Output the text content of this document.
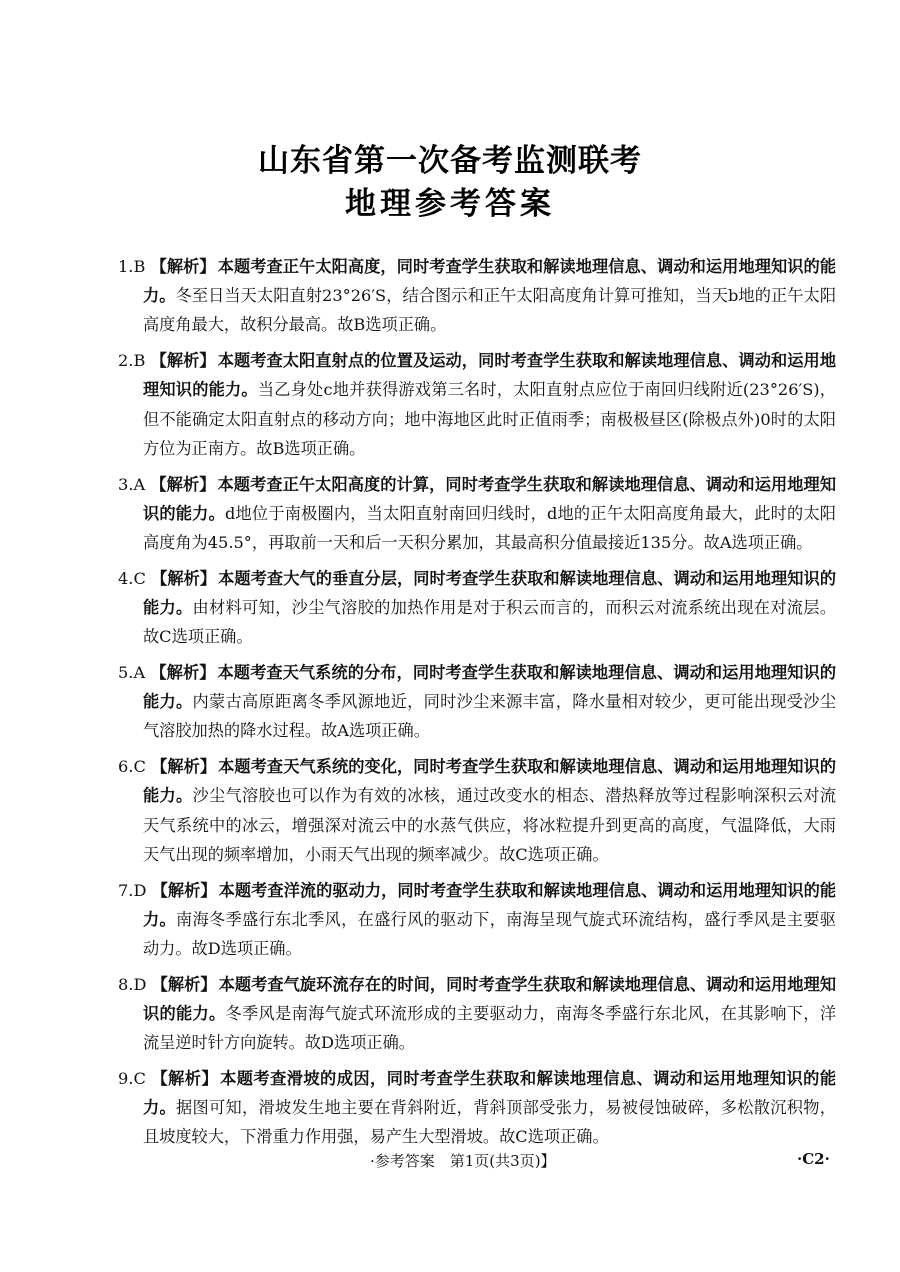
山东省第一次备考监测联考
地理参考答案

1.B 【解析】 本题考查正午太阳高度，同时考查学生获取和解读地理信息、调动和运用地理知识的能力。冬至日当天太阳直射23°26′S，结合图示和正午太阳高度角计算可推知，当天b地的正午太阳高度角最大，故积分最高。故B选项正确。

2.B 【解析】 本题考查太阳直射点的位置及运动，同时考查学生获取和解读地理信息、调动和运用地理知识的能力。当乙身处c地并获得游戏第三名时，太阳直射点应位于南回归线附近(23°26′S)，但不能确定太阳直射点的移动方向；地中海地区此时正值雨季；南极极昼区(除极点外)0时的太阳方位为正南方。故B选项正确。

3.A 【解析】 本题考查正午太阳高度的计算，同时考查学生获取和解读地理信息、调动和运用地理知识的能力。d地位于南极圈内，当太阳直射南回归线时，d地的正午太阳高度角最大，此时的太阳高度角为45.5°，再取前一天和后一天积分累加，其最高积分值最接近135分。故A选项正确。

4.C 【解析】 本题考查大气的垂直分层，同时考查学生获取和解读地理信息、调动和运用地理知识的能力。由材料可知，沙尘气溶胶的加热作用是对于积云而言的，而积云对流系统出现在对流层。故C选项正确。

5.A 【解析】 本题考查天气系统的分布，同时考查学生获取和解读地理信息、调动和运用地理知识的能力。内蒙古高原距离冬季风源地近，同时沙尘来源丰富，降水量相对较少，更可能出现受沙尘气溶胶加热的降水过程。故A选项正确。

6.C 【解析】 本题考查天气系统的变化，同时考查学生获取和解读地理信息、调动和运用地理知识的能力。沙尘气溶胶也可以作为有效的冰核，通过改变水的相态、潜热释放等过程影响深积云对流天气系统中的冰云，增强深对流云中的水蒸气供应，将冰粒提升到更高的高度，气温降低，大雨天气出现的频率增加，小雨天气出现的频率减少。故C选项正确。

7.D 【解析】 本题考查洋流的驱动力，同时考查学生获取和解读地理信息、调动和运用地理知识的能力。南海冬季盛行东北季风，在盛行风的驱动下，南海呈现气旋式环流结构，盛行季风是主要驱动力。故D选项正确。

8.D 【解析】 本题考查气旋环流存在的时间，同时考查学生获取和解读地理信息、调动和运用地理知识的能力。冬季风是南海气旋式环流形成的主要驱动力，南海冬季盛行东北风，在其影响下，洋流呈逆时针方向旋转。故D选项正确。

9.C 【解析】 本题考查滑坡的成因，同时考查学生获取和解读地理信息、调动和运用地理知识的能力。据图可知，滑坡发生地主要在背斜附近，背斜顶部受张力，易被侵蚀破碎，多松散沉积物，且坡度较大，下滑重力作用强，易产生大型滑坡。故C选项正确。

·参考答案　第1页(共3页)】	·C2·
